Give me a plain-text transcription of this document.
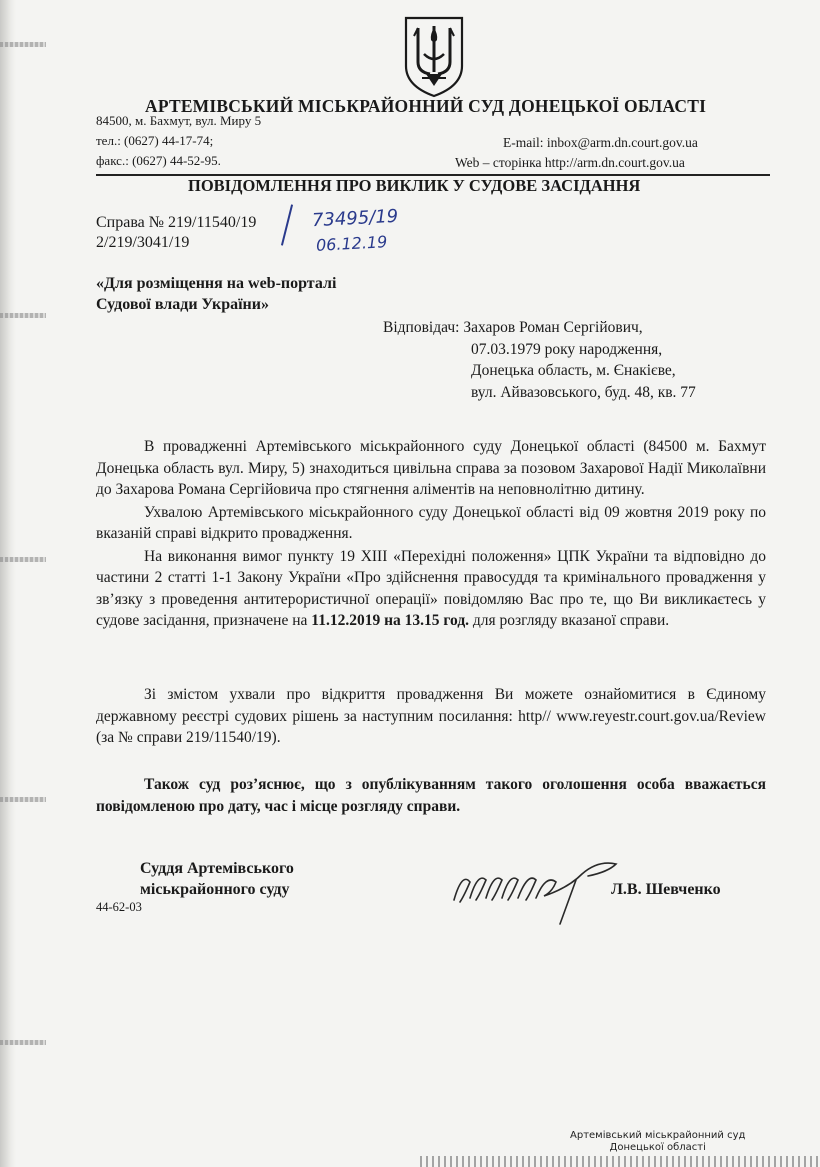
АРТЕМІВСЬКИЙ МІСЬКРАЙОННИЙ СУД ДОНЕЦЬКОЇ ОБЛАСТІ
84500, м. Бахмут, вул. Миру 5
тел.: (0627) 44-17-74;
факс.: (0627) 44-52-95.
E-mail: inbox@arm.dn.court.gov.ua
Web – сторінка http://arm.dn.court.gov.ua
ПОВІДОМЛЕННЯ ПРО ВИКЛИК У СУДОВЕ ЗАСІДАННЯ
Справа № 219/11540/19
2/219/3041/19
73495/19
06.12.19
«Для розміщення на web-порталі
Судової влади України»
Відповідач: Захаров Роман Сергійович,
07.03.1979 року народження,
Донецька область, м. Єнакієве,
вул. Айвазовського, буд. 48, кв. 77

В провадженні Артемівського міськрайонного суду Донецької області (84500 м. Бахмут Донецька область вул. Миру, 5) знаходиться цивільна справа за позовом Захарової Надії Миколаївни до Захарова Романа Сергійовича про стягнення аліментів на неповнолітню дитину.

Ухвалою Артемівського міськрайонного суду Донецької області від 09 жовтня 2019 року по вказаній справі відкрито провадження.

На виконання вимог пункту 19 ХІІІ «Перехідні положення» ЦПК України та відповідно до частини 2 статті 1-1 Закону України «Про здійснення правосуддя та кримінального провадження у зв’язку з проведення антитерористичної операції» повідомляю Вас про те, що Ви викликаєтесь у судове засідання, призначене на 11.12.2019 на 13.15 год. для розгляду вказаної справи.

Зі змістом ухвали про відкриття провадження Ви можете ознайомитися в Єдиному державному реєстрі судових рішень за наступним посилання: http// www.reyestr.court.gov.ua/Review (за № справи 219/11540/19).

Також суд роз’яснює, що з опублікуванням такого оголошення особа вважається повідомленою про дату, час і місце розгляду справи.

Суддя Артемівського
міськрайонного суду
44-62-03
Л.В. Шевченко
Артемівський міськрайонний суд
Донецької області
